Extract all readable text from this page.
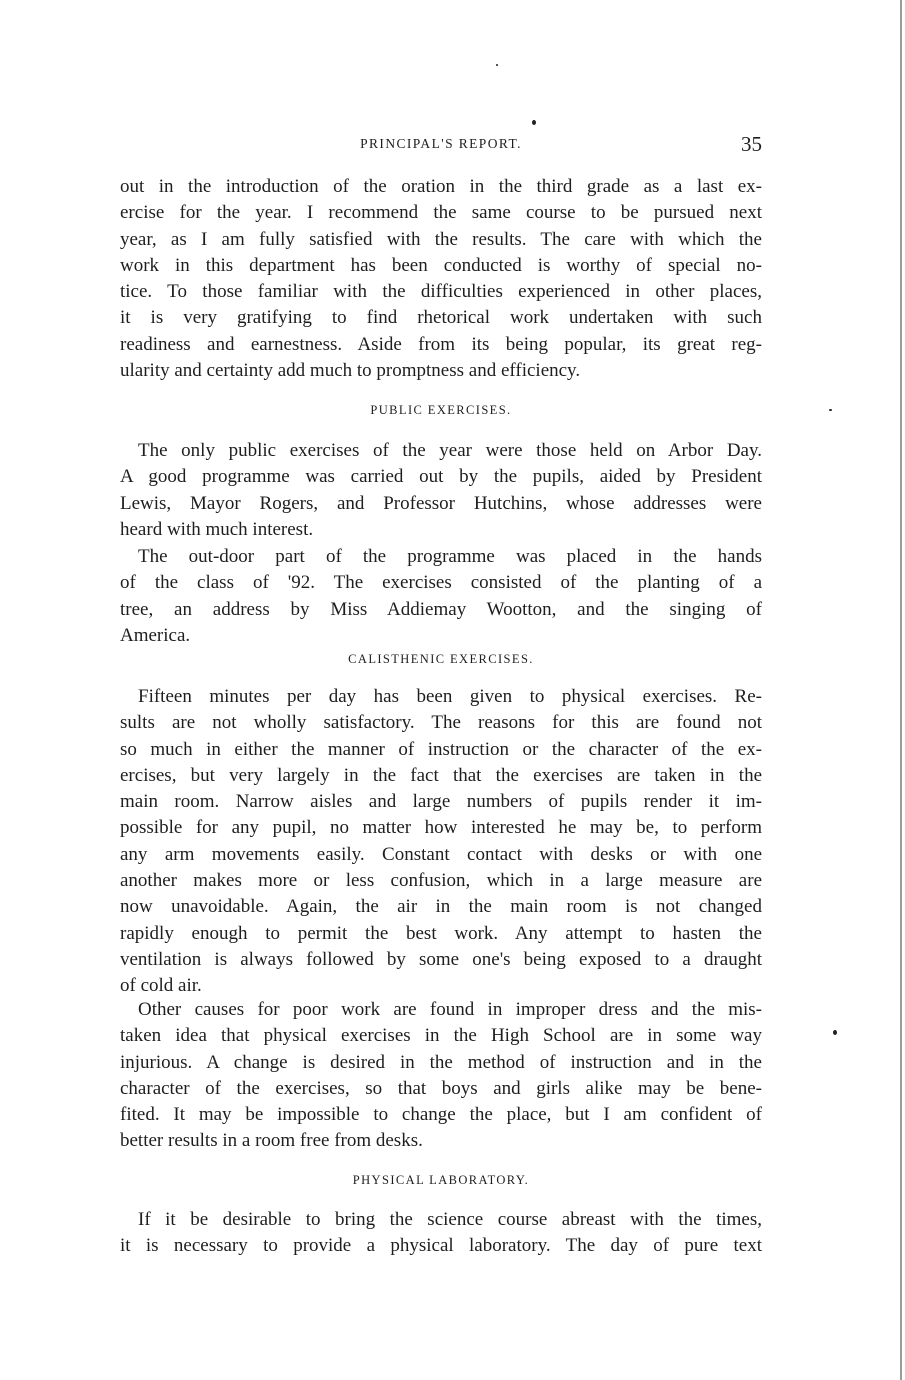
PRINCIPAL'S REPORT.	35
out in the introduction of the oration in the third grade as a last ex-
ercise for the year. I recommend the same course to be pursued next
year, as I am fully satisfied with the results. The care with which the
work in this department has been conducted is worthy of special no-
tice. To those familiar with the difficulties experienced in other places,
it is very gratifying to find rhetorical work undertaken with such
readiness and earnestness. Aside from its being popular, its great reg-
ularity and certainty add much to promptness and efficiency.
PUBLIC EXERCISES.
The only public exercises of the year were those held on Arbor Day.
A good programme was carried out by the pupils, aided by President
Lewis, Mayor Rogers, and Professor Hutchins, whose addresses were
heard with much interest.
The out-door part of the programme was placed in the hands
of the class of '92. The exercises consisted of the planting of a
tree, an address by Miss Addiemay Wootton, and the singing of
America.
CALISTHENIC EXERCISES.
Fifteen minutes per day has been given to physical exercises. Re-
sults are not wholly satisfactory. The reasons for this are found not
so much in either the manner of instruction or the character of the ex-
ercises, but very largely in the fact that the exercises are taken in the
main room. Narrow aisles and large numbers of pupils render it im-
possible for any pupil, no matter how interested he may be, to perform
any arm movements easily. Constant contact with desks or with one
another makes more or less confusion, which in a large measure are
now unavoidable. Again, the air in the main room is not changed
rapidly enough to permit the best work. Any attempt to hasten the
ventilation is always followed by some one's being exposed to a draught
of cold air.
Other causes for poor work are found in improper dress and the mis-
taken idea that physical exercises in the High School are in some way
injurious. A change is desired in the method of instruction and in the
character of the exercises, so that boys and girls alike may be bene-
fited. It may be impossible to change the place, but I am confident of
better results in a room free from desks.
PHYSICAL LABORATORY.
If it be desirable to bring the science course abreast with the times,
it is necessary to provide a physical laboratory. The day of pure text
